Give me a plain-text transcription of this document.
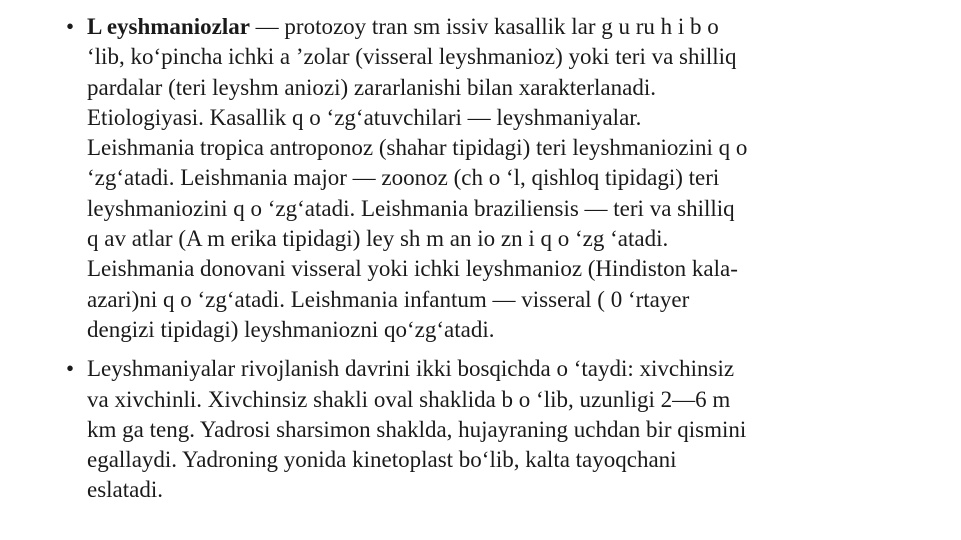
• L eyshmaniozlar — protozoy tran sm issiv kasallik lar g u ru h i b o
‘lib, ko‘pincha ichki a ’zolar (visseral leyshmanioz) yoki teri va shilliq
pardalar (teri leyshm aniozi) zararlanishi bilan xarakterlanadi.
Etiologiyasi. Kasallik q o ‘zg‘atuvchilari — leyshmaniyalar.
Leishmania tropica antroponoz (shahar tipidagi) teri leyshmaniozini q o
‘zg‘atadi. Leishmania major — zoonoz (ch o ‘l, qishloq tipidagi) teri
leyshmaniozini q o ‘zg‘atadi. Leishmania braziliensis — teri va shilliq
q av atlar (A m erika tipidagi) ley sh m an io zn i q o ‘zg ‘atadi.
Leishmania donovani visseral yoki ichki leyshmanioz (Hindiston kala-
azari)ni q o ‘zg‘atadi. Leishmania infantum — visseral ( 0 ‘rtayer
dengizi tipidagi) leyshmaniozni qo‘zg‘atadi.
• Leyshmaniyalar rivojlanish davrini ikki bosqichda o ‘taydi: xivchinsiz
va xivchinli. Xivchinsiz shakli oval shaklida b o ‘lib, uzunligi 2—6 m
km ga teng. Yadrosi sharsimon shaklda, hujayraning uchdan bir qismini
egallaydi. Yadroning yonida kinetoplast bo‘lib, kalta tayoqchani
eslatadi.
